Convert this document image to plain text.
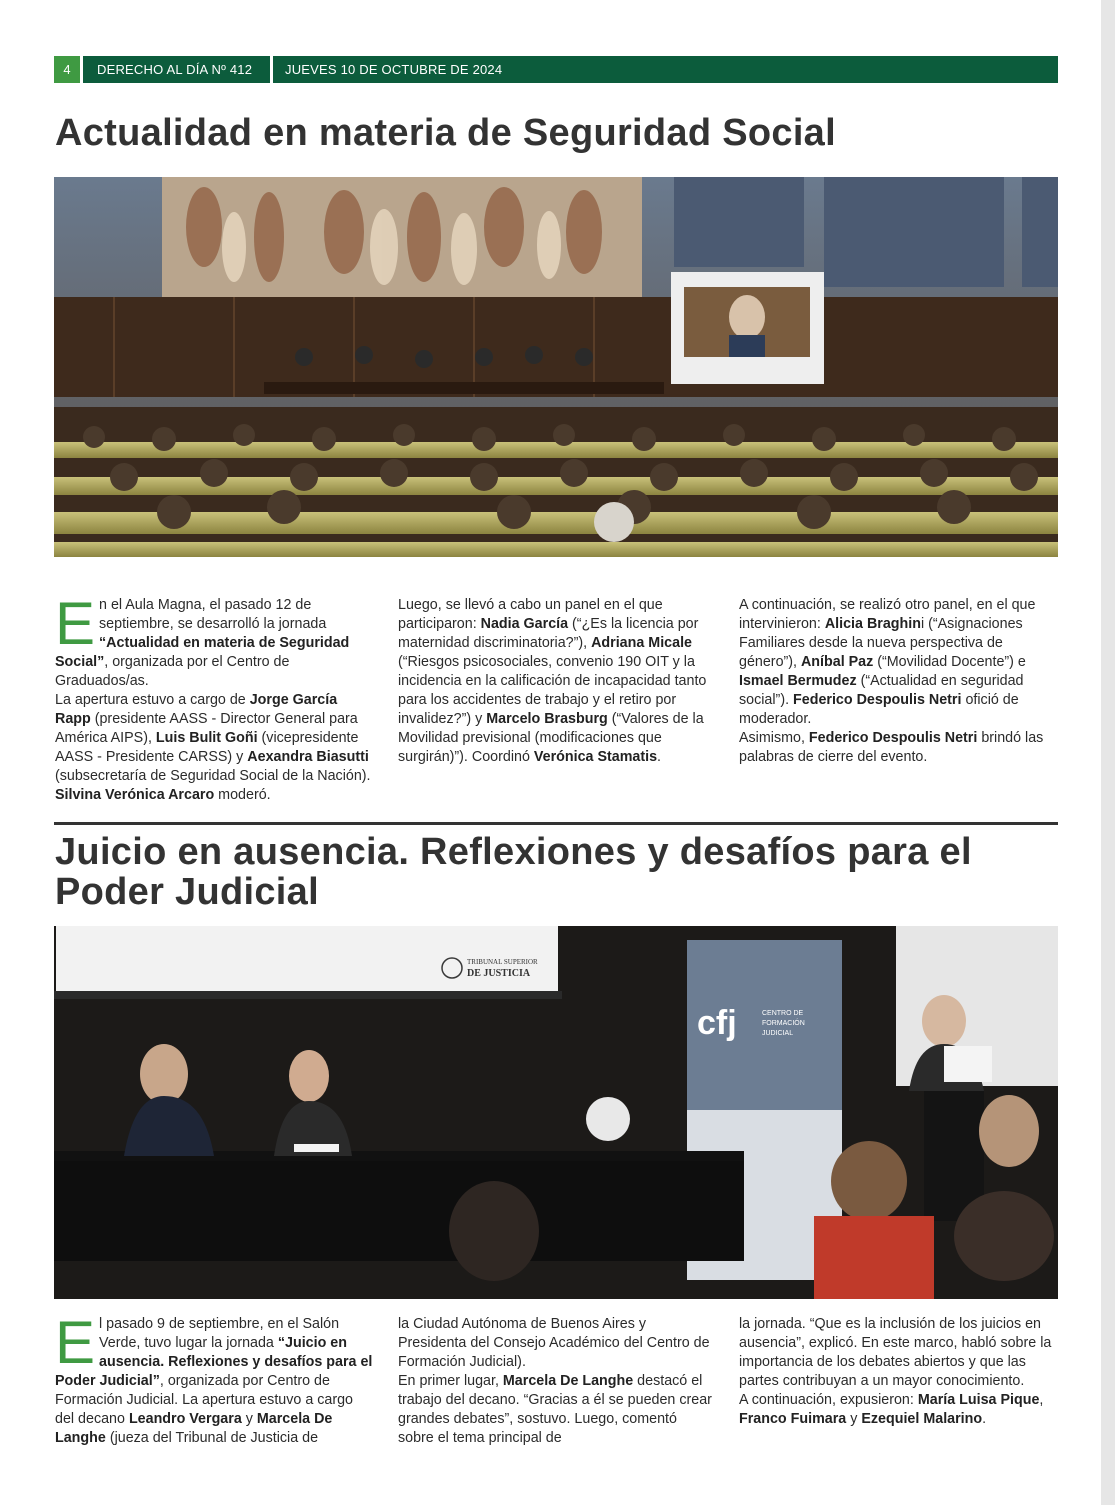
4	DERECHO AL DÍA Nº 412	JUEVES 10 DE OCTUBRE DE 2024
Actualidad en materia de Seguridad Social

En el Aula Magna, el pasado 12 de septiembre, se desarrolló la jornada “Actualidad en materia de Seguridad Social”, organizada por el Centro de Graduados/as.
La apertura estuvo a cargo de Jorge García Rapp (presidente AASS - Director General para América AIPS), Luis Bulit Goñi (vicepresidente AASS - Presidente CARSS) y Aexandra Biasutti (subsecretaría de Seguridad Social de la Nación). Silvina Verónica Arcaro moderó.

Luego, se llevó a cabo un panel en el que participaron: Nadia García (“¿Es la licencia por maternidad discriminatoria?”), Adriana Micale (“Riesgos psicosociales, convenio 190 OIT y la incidencia en la calificación de incapacidad tanto para los accidentes de trabajo y el retiro por invalidez?”) y Marcelo Brasburg (“Valores de la Movilidad previsional (modificaciones que surgirán)”). Coordinó Verónica Stamatis.

A continuación, se realizó otro panel, en el que intervinieron: Alicia Braghini (“Asignaciones Familiares desde la nueva perspectiva de género”), Aníbal Paz (“Movilidad Docente”) e Ismael Bermudez (“Actualidad en seguridad social”). Federico Despoulis Netri ofició de moderador.
Asimismo, Federico Despoulis Netri brindó las palabras de cierre del evento.

Juicio en ausencia. Reflexiones y desafíos para el
Poder Judicial
TRIBUNAL SUPERIOR
DE JUSTICIA
cfj	CENTRO DE
FORMACIÓN
JUDICIAL

El pasado 9 de septiembre, en el Salón Verde, tuvo lugar la jornada “Juicio en ausencia. Reflexiones y desafíos para el Poder Judicial”, organizada por Centro de Formación Judicial. La apertura estuvo a cargo del decano Leandro Vergara y Marcela De Langhe (jueza del Tribunal de Justicia de

la Ciudad Autónoma de Buenos Aires y Presidenta del Consejo Académico del Centro de Formación Judicial).
En primer lugar, Marcela De Langhe destacó el trabajo del decano. “Gracias a él se pueden crear grandes debates”, sostuvo. Luego, comentó sobre el tema principal de

la jornada. “Que es la inclusión de los juicios en ausencia”, explicó. En este marco, habló sobre la importancia de los debates abiertos y que las partes contribuyan a un mayor conocimiento.
A continuación, expusieron: María Luisa Pique, Franco Fuimara y Ezequiel Malarino.
